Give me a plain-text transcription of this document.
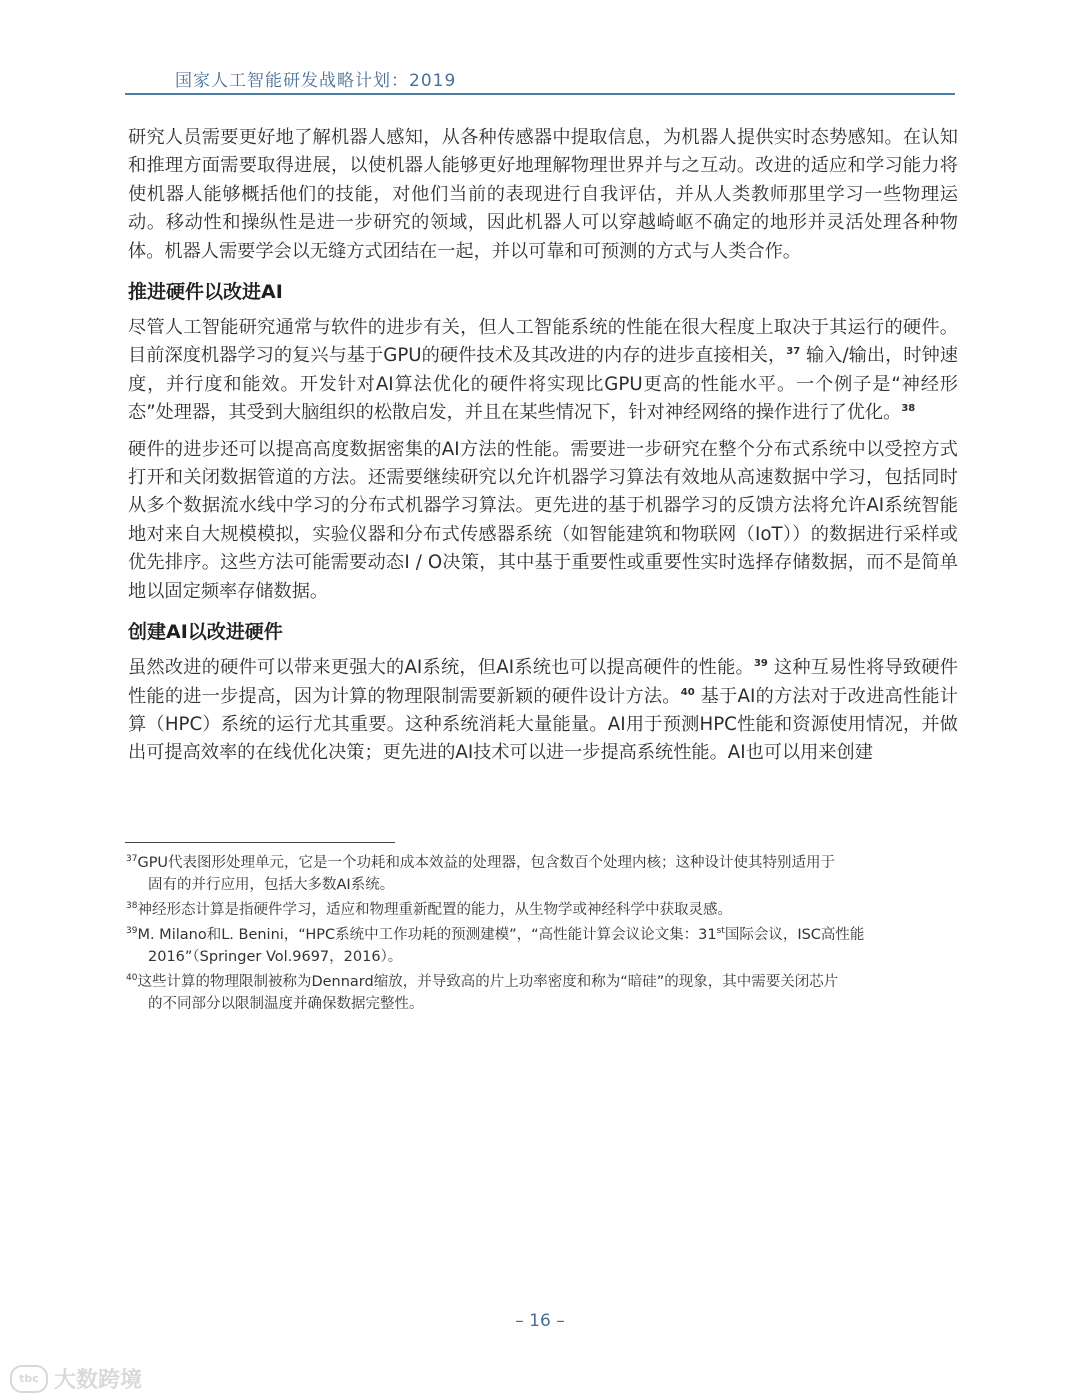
国家人工智能研发战略计划：2019

研究人员需要更好地了解机器人感知，从各种传感器中提取信息，为机器人提供实时态势感知。在认知和推理方面需要取得进展，以使机器人能够更好地理解物理世界并与之互动。改进的适应和学习能力将使机器人能够概括他们的技能，对他们当前的表现进行自我评估，并从人类教师那里学习一些物理运动。移动性和操纵性是进一步研究的领域，因此机器人可以穿越崎岖不确定的地形并灵活处理各种物体。机器人需要学会以无缝方式团结在一起，并以可靠和可预测的方式与人类合作。

推进硬件以改进AI

尽管人工智能研究通常与软件的进步有关，但人工智能系统的性能在很大程度上取决于其运行的硬件。目前深度机器学习的复兴与基于GPU的硬件技术及其改进的内存的进步直接相关，$^{37}$ 输入/输出，时钟速度，并行度和能效。开发针对AI算法优化的硬件将实现比GPU更高的性能水平。一个例子是“神经形态”处理器，其受到大脑组织的松散启发，并且在某些情况下，针对神经网络的操作进行了优化。$^{38}$

硬件的进步还可以提高高度数据密集的AI方法的性能。需要进一步研究在整个分布式系统中以受控方式打开和关闭数据管道的方法。还需要继续研究以允许机器学习算法有效地从高速数据中学习，包括同时从多个数据流水线中学习的分布式机器学习算法。更先进的基于机器学习的反馈方法将允许AI系统智能地对来自大规模模拟，实验仪器和分布式传感器系统（如智能建筑和物联网（IoT））的数据进行采样或优先排序。这些方法可能需要动态I / O决策，其中基于重要性或重要性实时选择存储数据，而不是简单地以固定频率存储数据。

创建AI以改进硬件

虽然改进的硬件可以带来更强大的AI系统，但AI系统也可以提高硬件的性能。$^{39}$ 这种互易性将导致硬件性能的进一步提高，因为计算的物理限制需要新颖的硬件设计方法。$^{40}$ 基于AI的方法对于改进高性能计算（HPC）系统的运行尤其重要。这种系统消耗大量能量。AI用于预测HPC性能和资源使用情况，并做出可提高效率的在线优化决策；更先进的AI技术可以进一步提高系统性能。AI也可以用来创建

$^{37}$GPU代表图形处理单元，它是一个功耗和成本效益的处理器，包含数百个处理内核；这种设计使其特别适用于
固有的并行应用，包括大多数AI系统。

$^{38}$神经形态计算是指硬件学习，适应和物理重新配置的能力，从生物学或神经科学中获取灵感。

$^{39}$M. Milano和L. Benini，“HPC系统中工作功耗的预测建模”，“高性能计算会议论文集：31st国际会议，ISC高性能
2016”（Springer Vol.9697，2016）。

$^{40}$这些计算的物理限制被称为Dennard缩放，并导致高的片上功率密度和称为“暗硅”的现象，其中需要关闭芯片
的不同部分以限制温度并确保数据完整性。

– 16 –
tbc 大数跨境
